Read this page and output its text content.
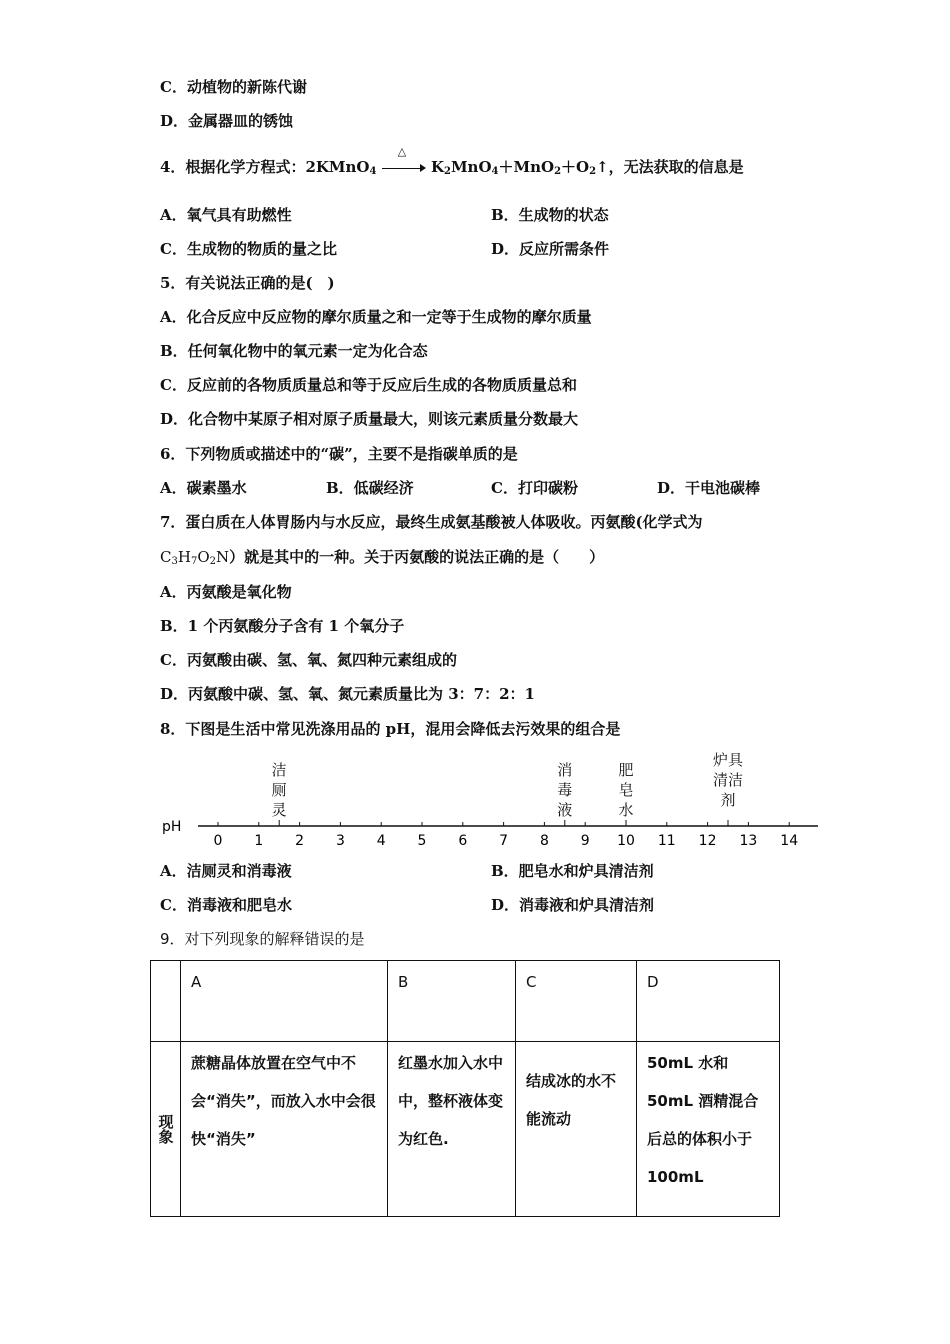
C．动植物的新陈代谢
D．金属器皿的锈蚀
4．根据化学方程式：2KMnO$_4$
△
$K_2MnO_4+MnO_2+O_2↑$，无法获取的信息是
A．氧气具有助燃性	B．生成物的状态
C．生成物的物质的量之比	D．反应所需条件
5．有关说法正确的是(　)
A．化合反应中反应物的摩尔质量之和一定等于生成物的摩尔质量
B．任何氧化物中的氧元素一定为化合态
C．反应前的各物质质量总和等于反应后生成的各物质质量总和
D．化合物中某原子相对原子质量最大，则该元素质量分数最大
6．下列物质或描述中的“碳”，主要不是指碳单质的是
A．碳素墨水	B．低碳经济	C．打印碳粉	D．干电池碳棒
7．蛋白质在人体胃肠内与水反应，最终生成氨基酸被人体吸收。丙氨酸(化学式为
$C_3H_7O_2N$）就是其中的一种。关于丙氨酸的说法正确的是（　　）
A．丙氨酸是氧化物
B．1 个丙氨酸分子含有 1 个氧分子
C．丙氨酸由碳、氢、氧、氮四种元素组成的
D．丙氨酸中碳、氢、氧、氮元素质量比为 3：7：2：1
8．下图是生活中常见洗涤用品的 pH，混用会降低去污效果的组合是
pH
0 1 2 3 4 5 6 7 8 9 10 11 12 13 14
洁
厕
灵
消
毒
液
肥
皂
水
炉具
清洁
剂
A．洁厕灵和消毒液	B．肥皂水和炉具清洁剂
C．消毒液和肥皂水	D．消毒液和炉具清洁剂
9．对下列现象的解释错误的是

	A	B	C	D

现象	蔗糖晶体放置在空气中不会“消失”，而放入水中会很快“消失”	红墨水加入水中中，整杯液体变为红色.	结成冰的水不能流动	50mL 水和 50mL 酒精混合后总的体积小于 100mL
